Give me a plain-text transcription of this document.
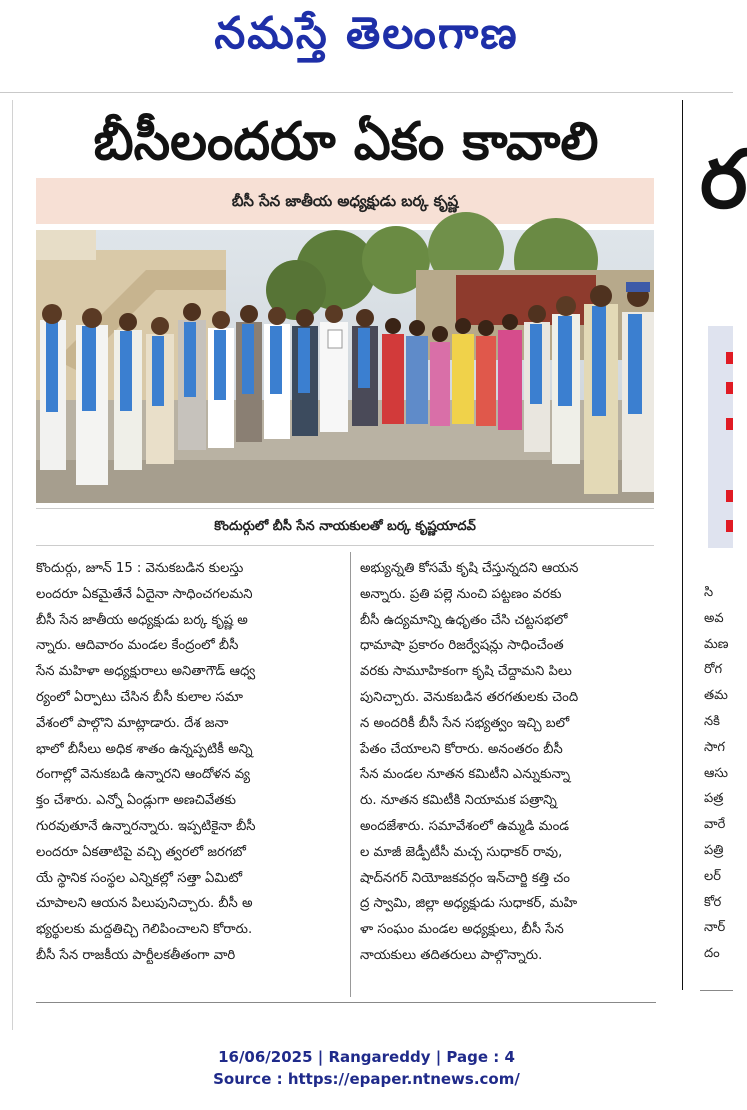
నమస్తే తెలంగాణ
బీసీలందరూ ఏకం కావాలి
బీసీ సేన జాతీయ అధ్యక్షుడు బర్క కృష్ణ
కొందుర్గులో బీసీ సేన నాయకులతో బర్క కృష్ణయాదవ్

కొందుర్గు, జూన్ 15 : వెనుకబడిన కులస్తు

లందరూ ఏకమైతేనే ఏదైనా సాధించగలమని

బీసీ సేన జాతీయ అధ్యక్షుడు బర్క కృష్ణ అ

న్నారు. ఆదివారం మండల కేంద్రంలో బీసీ

సేన మహిళా అధ్యక్షురాలు అనితాగౌడ్ ఆధ్వ

ర్యంలో ఏర్పాటు చేసిన బీసీ కులాల సమా

వేశంలో పాల్గొని మాట్లాడారు. దేశ జనా

భాలో బీసీలు అధిక శాతం ఉన్నప్పటికీ అన్ని

రంగాల్లో వెనుకబడి ఉన్నారని ఆందోళన వ్య

క్తం చేశారు. ఎన్నో ఏండ్లుగా అణచివేతకు

గురవుతూనే ఉన్నారన్నారు. ఇప్పటికైనా బీసీ

లందరూ ఏకతాటిపై వచ్చి త్వరలో జరగబో

యే స్థానిక సంస్థల ఎన్నికల్లో సత్తా ఏమిటో

చూపాలని ఆయన పిలుపునిచ్చారు. బీసీ అ

భ్యర్థులకు మద్దతిచ్చి గెలిపించాలని కోరారు.

బీసీ సేన రాజకీయ పార్టీలకతీతంగా వారి

అభ్యున్నతి కోసమే కృషి చేస్తున్నదని ఆయన

అన్నారు. ప్రతి పల్లె నుంచి పట్టణం వరకు

బీసీ ఉద్యమాన్ని ఉధృతం చేసి చట్టసభలో

ధామాషా ప్రకారం రిజర్వేషన్లు సాధించేంత

వరకు సామూహికంగా కృషి చేద్దామని పిలు

పునిచ్చారు. వెనుకబడిన తరగతులకు చెంది

న అందరికీ బీసీ సేన సభ్యత్వం ఇచ్చి బలో

పేతం చేయాలని కోరారు. అనంతరం బీసీ

సేన మండల నూతన కమిటీని ఎన్నుకున్నా

రు. నూతన కమిటీకి నియామక పత్రాన్ని

అందజేశారు. సమావేశంలో ఉమ్మడి మండ

ల మాజీ జెడ్పీటీసీ మచ్చ సుధాకర్ రావు,

షాద్‌నగర్ నియోజకవర్గం ఇన్‌చార్జి కత్తి చం

ద్ర స్వామి, జిల్లా అధ్యక్షుడు సుధాకర్, మహి

ళా సంఘం మండల అధ్యక్షులు, బీసీ సేన

నాయకులు తదితరులు పాల్గొన్నారు.

ర

సి

అవ

మణ

రోగ

తమ

నకి

సాగ

ఆసు

పత్ర

వారే

పత్రి

లర్

కోర

నార్

దం

16/06/2025 | Rangareddy | Page : 4
Source : https://epaper.ntnews.com/
